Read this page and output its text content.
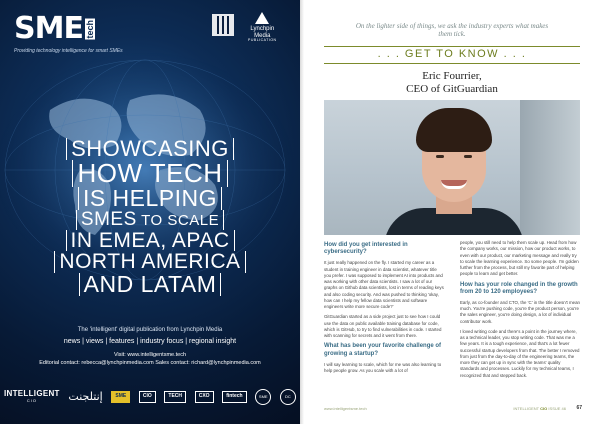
SME tech
Providing technology intelligence for smart SMEs
Lynchpin
Media
PUBLICATION
SHOWCASING
HOW TECH
IS HELPING
SMES TO SCALE
IN EMEA, APAC
NORTH AMERICA
AND LATAM
The 'intelligent' digital publication from Lynchpin Media
news | views | features | industry focus | regional insight
Visit: www.intelligentsme.tech
Editorial contact: rebecca@lynchpinmedia.com Sales contact: richard@lynchpinmedia.com
INTELLIGENT
CIO	إنتلجنت	SME	CIO	TECH	CXO	fintech	SME	DC
On the lighter side of things, we ask the industry experts what makes them tick.
. . . GET TO KNOW . . .
Eric Fourrier,
CEO of GitGuardian
How did you get interested in cybersecurity?

It just really happened on the fly. I started my career as a student in training engineer in data scientist, whatever title you prefer. I was supposed to implement AI into products and was working with other data scientists. I saw a lot of our graphs on Github data scientists, lost in terms of reading keys and also coding security. And was pushed to thinking 'okay, how can I help my fellow data scientists and software engineers write more secure code?'

GitGuardian started as a side project just to see how I could use the data on public available training database for code, which is GitHub, to try to find vulnerabilities in code. I started with scanning for secrets and it went from there.

What has been your favorite challenge of growing a startup?

I will say learning to scale, which for me was also learning to help people grow. As you scale with a lot of

people, you still need to help them scale up. Head from how the company works, our mission, how our product works, to even with our product, our marketing message and really try to scale the learning experience. So some people. I'm golden further from the process, but still my favorite part of helping people to learn and get better.

How has your role changed in the growth from 20 to 120 employees?

Early, as co-founder and CTO, the 'C' in the title doesn't mean much. You're pushing code, you're the product person, you're the sales engineer, you're doing design, a lot of individual contributor work.

I loved writing code and there's a point in the journey where, as a technical leader, you stop writing code. That was me a few years. It is a tough experience, and that's a lot fewer successful startup developers from that. The better I removed from just from the day-to-day of the engineering teams, the more they can get up in sync with the teams' quality standards and processes. Luckily for my technical teams, I recognized that and stepped back.

www.intelligentsme.tech	INTELLIGENT CIO ISSUE 46 67
